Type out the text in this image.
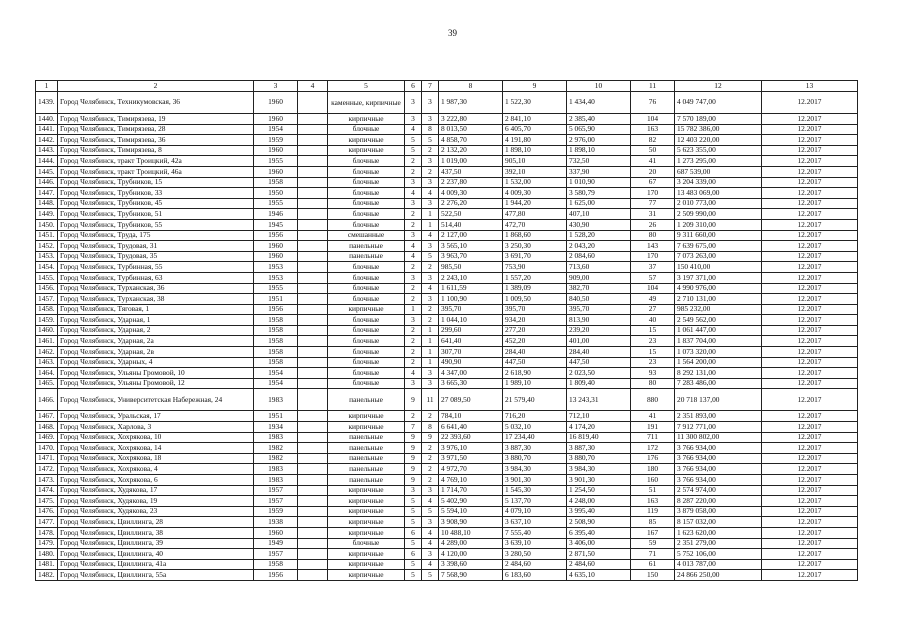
39
1	2	3	4	5	6	7	8	9	10	11	12	13
1439.	Город Челябинск, Техникумовская, 36	1960		каменные, кирпичные	3	3	1 987,30	1 522,30	1 434,40	76	4 049 747,00	12.2017
1440.	Город Челябинск, Тимирязева, 19	1960		кирпичные	3	3	3 222,80	2 841,10	2 385,40	104	7 570 189,00	12.2017
1441.	Город Челябинск, Тимирязева, 28	1954		блочные	4	8	8 013,50	6 405,70	5 065,90	163	15 782 386,00	12.2017
1442.	Город Челябинск, Тимирязева, 36	1959		кирпичные	5	5	4 858,70	4 191,80	2 976,00	82	12 403 220,00	12.2017
1443.	Город Челябинск, Тимирязева, 8	1960		кирпичные	5	2	2 132,20	1 898,10	1 898,10	50	5 623 355,00	12.2017
1444.	Город Челябинск, тракт Троицкий, 42а	1955		блочные	2	3	1 019,00	905,10	732,50	41	1 273 295,00	12.2017
1445.	Город Челябинск, тракт Троицкий, 46а	1960		блочные	2	2	437,50	392,10	337,90	20	687 539,00	12.2017
1446.	Город Челябинск, Трубников, 15	1958		блочные	3	3	2 237,80	1 532,00	1 010,90	67	3 204 339,00	12.2017
1447.	Город Челябинск, Трубников, 33	1950		блочные	4	4	4 009,30	4 009,30	3 580,79	170	13 483 069,00	12.2017
1448.	Город Челябинск, Трубников, 45	1955		блочные	3	3	2 276,20	1 944,20	1 625,00	77	2 010 773,00	12.2017
1449.	Город Челябинск, Трубников, 51	1946		блочные	2	1	522,50	477,80	407,10	31	2 509 990,00	12.2017
1450.	Город Челябинск, Трубников, 55	1945		блочные	2	1	514,40	472,70	430,90	26	1 209 310,00	12.2017
1451.	Город Челябинск, Труда, 175	1956		смешанные	3	4	2 127,00	1 868,60	1 528,20	80	9 311 660,00	12.2017
1452.	Город Челябинск, Трудовая, 31	1960		панельные	4	3	3 565,10	3 250,30	2 043,20	143	7 639 675,00	12.2017
1453.	Город Челябинск, Трудовая, 35	1960		панельные	4	5	3 963,70	3 691,70	2 084,60	170	7 073 263,00	12.2017
1454.	Город Челябинск, Турбинная, 55	1953		блочные	2	2	985,50	753,90	713,60	37	150 410,00	12.2017
1455.	Город Челябинск, Турбинная, 63	1953		блочные	3	3	2 243,10	1 557,20	909,00	57	3 197 371,00	12.2017
1456.	Город Челябинск, Турханская, 36	1955		блочные	2	4	1 611,59	1 389,09	382,70	104	4 990 976,00	12.2017
1457.	Город Челябинск, Турханская, 38	1951		блочные	2	3	1 100,90	1 009,50	840,50	49	2 710 131,00	12.2017
1458.	Город Челябинск, Тяговая, 1	1956		кирпичные	1	2	395,70	395,70	395,70	27	985 232,00	12.2017
1459.	Город Челябинск, Ударная, 1	1958		блочные	3	2	1 044,10	934,20	813,90	40	2 549 562,00	12.2017
1460.	Город Челябинск, Ударная, 2	1958		блочные	2	1	299,60	277,20	239,20	15	1 061 447,00	12.2017
1461.	Город Челябинск, Ударная, 2а	1958		блочные	2	1	641,40	452,20	401,00	23	1 837 704,00	12.2017
1462.	Город Челябинск, Ударная, 2в	1958		блочные	2	1	307,70	284,40	284,40	15	1 073 320,00	12.2017
1463.	Город Челябинск, Ударных, 4	1958		блочные	2	1	490,90	447,50	447,50	23	1 564 200,00	12.2017
1464.	Город Челябинск, Ульяны Громовой, 10	1954		блочные	4	3	4 347,00	2 618,90	2 023,50	93	8 292 131,00	12.2017
1465.	Город Челябинск, Ульяны Громовой, 12	1954		блочные	3	3	3 665,30	1 989,10	1 809,40	80	7 283 486,00	12.2017
1466.	Город Челябинск, Университетская Набережная, 24	1983		панельные	9	11	27 089,50	21 579,40	13 243,31	880	20 718 137,00	12.2017
1467.	Город Челябинск, Уральская, 17	1951		кирпичные	2	2	784,10	716,20	712,10	41	2 351 893,00	12.2017
1468.	Город Челябинск, Харлова, 3	1934		кирпичные	7	8	6 641,40	5 032,10	4 174,20	191	7 912 771,00	12.2017
1469.	Город Челябинск, Хохрякова, 10	1983		панельные	9	9	22 393,60	17 234,40	16 819,40	711	11 300 802,00	12.2017
1470.	Город Челябинск, Хохрякова, 14	1982		панельные	9	2	3 976,10	3 887,30	3 887,30	172	3 766 934,00	12.2017
1471.	Город Челябинск, Хохрякова, 18	1982		панельные	9	2	3 971,50	3 880,70	3 880,70	176	3 766 934,00	12.2017
1472.	Город Челябинск, Хохрякова, 4	1983		панельные	9	2	4 972,70	3 984,30	3 984,30	180	3 766 934,00	12.2017
1473.	Город Челябинск, Хохрякова, 6	1983		панельные	9	2	4 769,10	3 901,30	3 901,30	160	3 766 934,00	12.2017
1474.	Город Челябинск, Худякова, 17	1957		кирпичные	3	3	1 714,70	1 545,30	1 254,50	51	2 574 974,00	12.2017
1475.	Город Челябинск, Худякова, 19	1957		кирпичные	5	4	5 402,90	5 137,70	4 248,00	163	8 287 220,00	12.2017
1476.	Город Челябинск, Худякова, 23	1959		кирпичные	5	5	5 594,10	4 079,10	3 995,40	119	3 879 058,00	12.2017
1477.	Город Челябинск, Цвиллинга, 28	1938		кирпичные	5	3	3 908,90	3 637,10	2 508,90	85	8 157 032,00	12.2017
1478.	Город Челябинск, Цвиллинга, 38	1960		кирпичные	6	4	10 488,10	7 555,40	6 395,40	167	1 623 620,00	12.2017
1479.	Город Челябинск, Цвиллинга, 39	1949		блочные	5	4	4 289,00	3 639,10	3 406,00	59	2 351 279,00	12.2017
1480.	Город Челябинск, Цвиллинга, 40	1957		кирпичные	6	3	4 120,00	3 280,50	2 871,50	71	5 752 106,00	12.2017
1481.	Город Челябинск, Цвиллинга, 41а	1958		кирпичные	5	4	3 398,60	2 484,60	2 484,60	61	4 013 787,00	12.2017
1482.	Город Челябинск, Цвиллинга, 55а	1956		кирпичные	5	5	7 568,90	6 183,60	4 635,10	150	24 866 250,00	12.2017
